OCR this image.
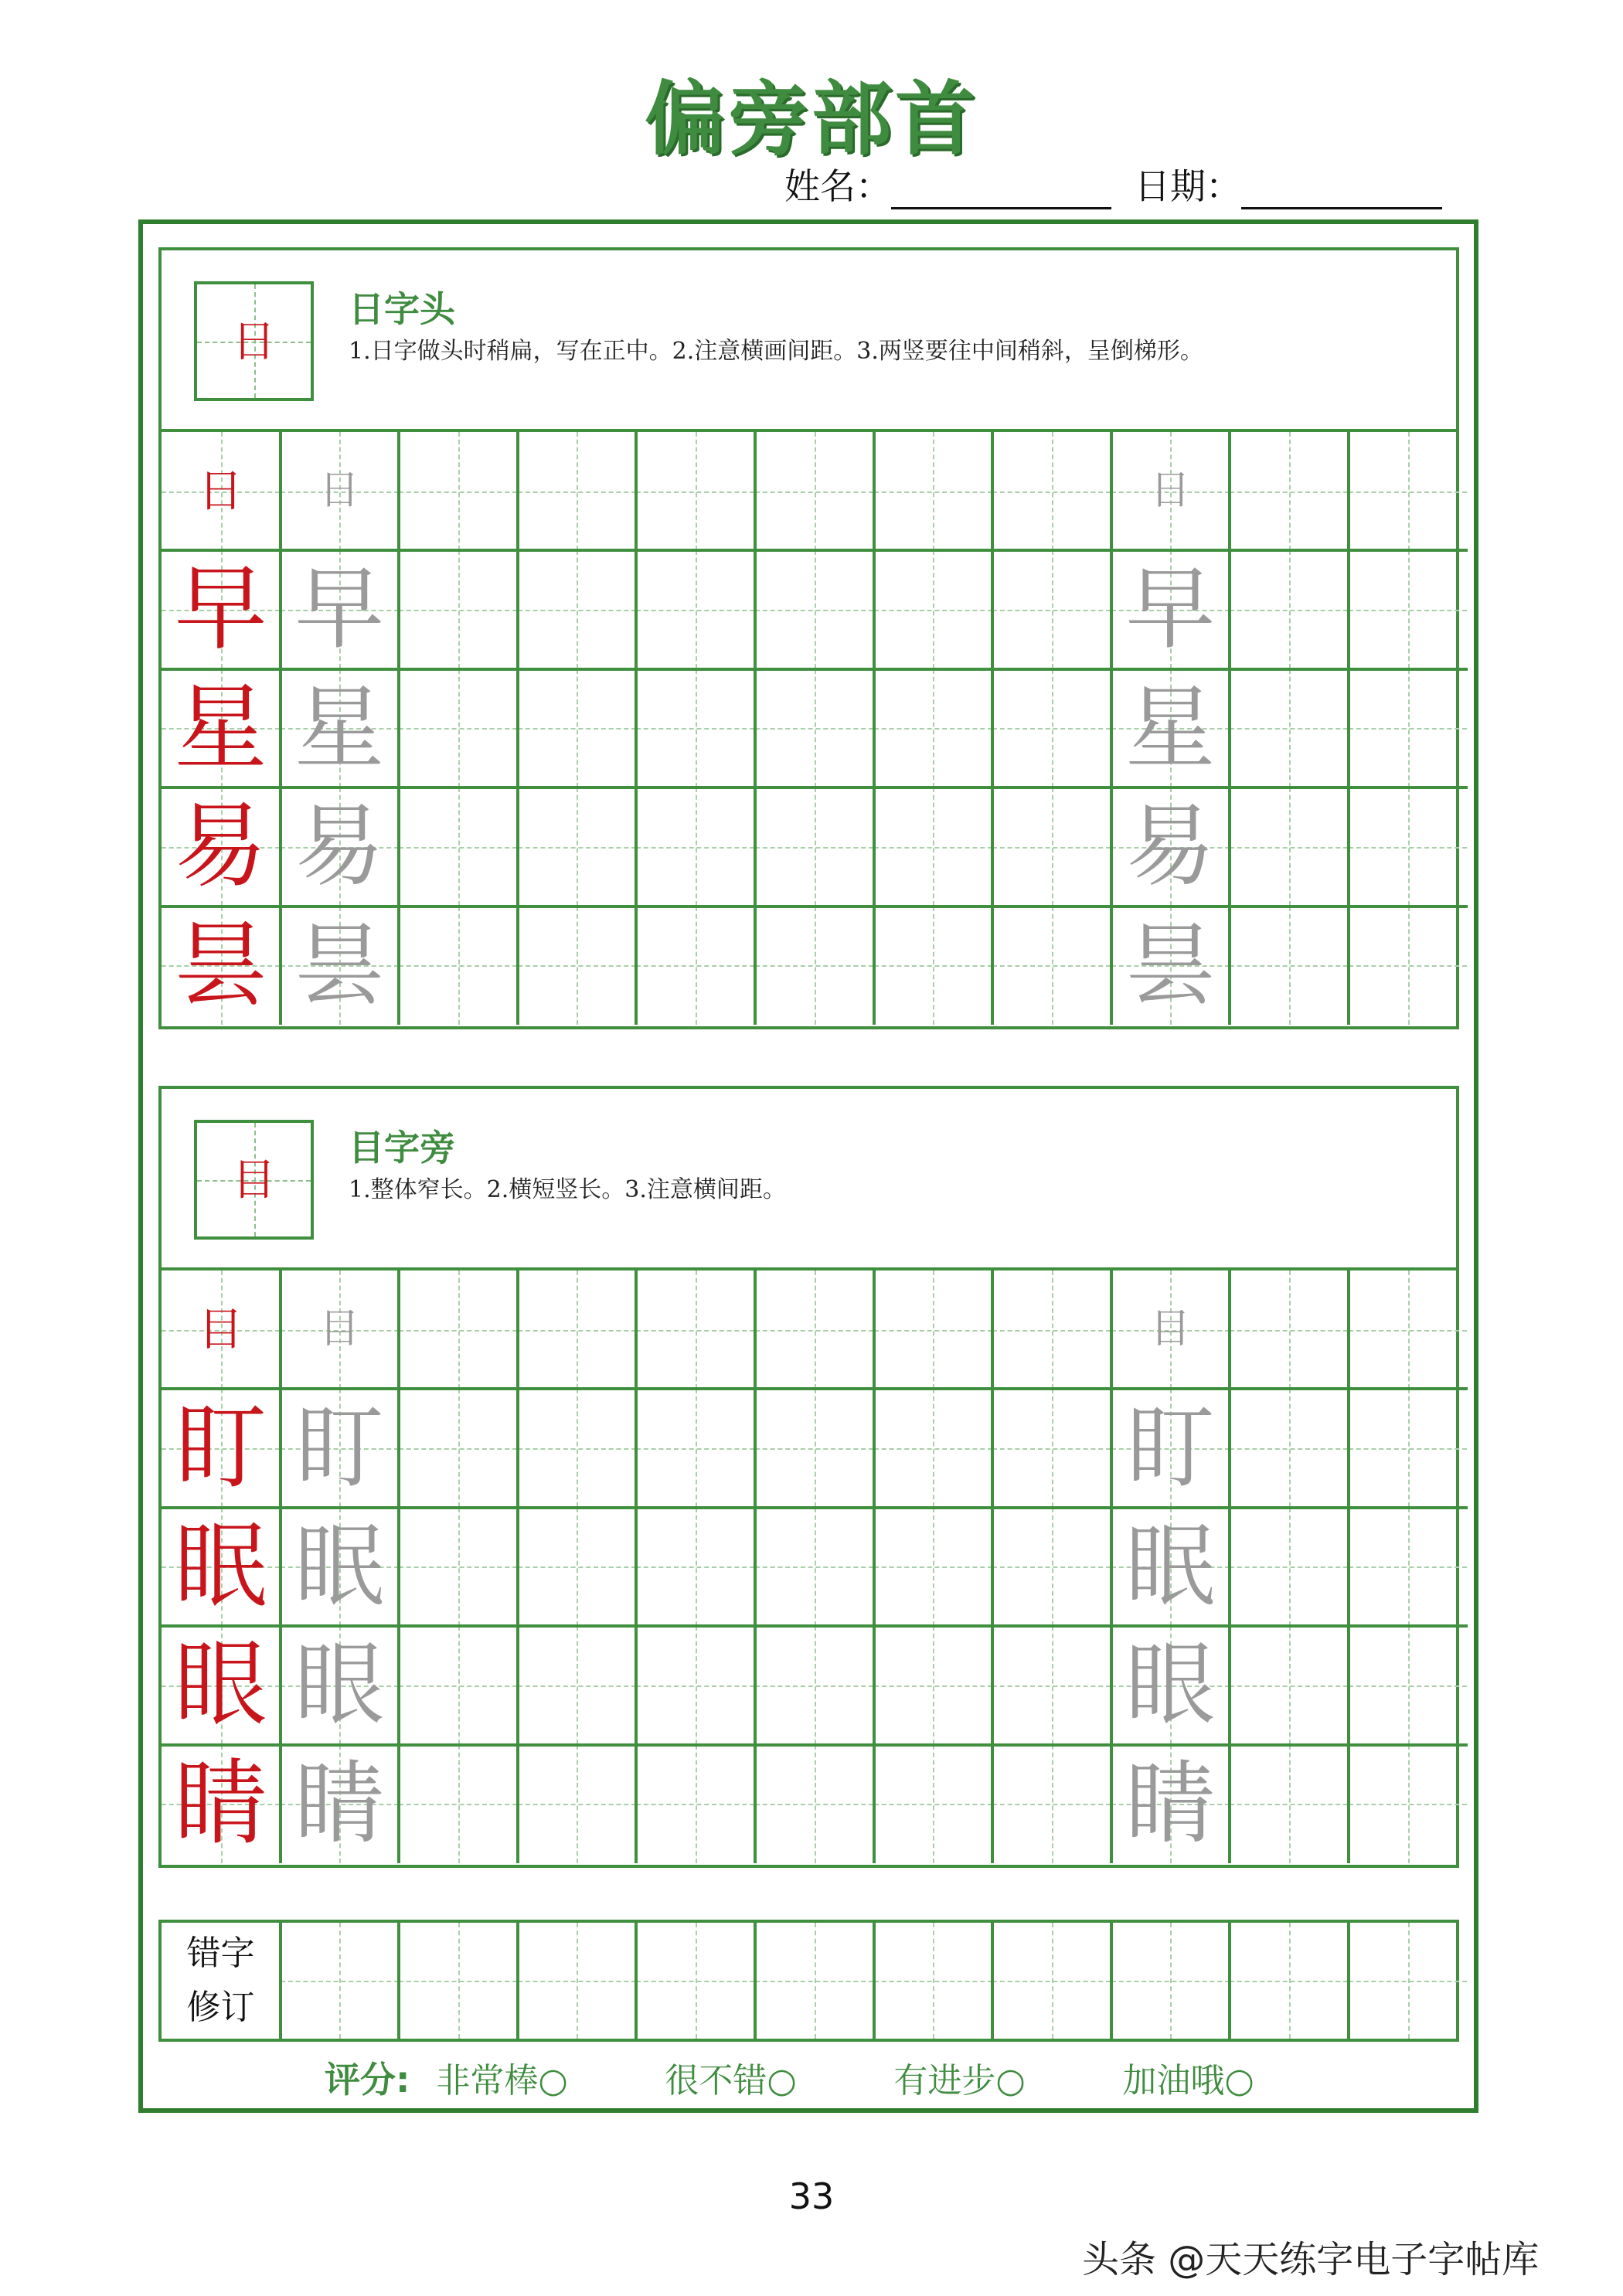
偏旁部首
姓名：	日期：
日
日字头
1.日字做头时稍扁，写在正中。2.注意横画间距。3.两竖要往中间稍斜，呈倒梯形。
日	日	日
早 早	早
星 星	星
易 易	易
昙 昙	昙
目
目字旁
1.整体窄长。2.横短竖长。3.注意横间距。
目	目	目
盯 盯	盯
眠 眠	眠
眼 眼	眼
睛 睛	睛
错字
修订
评分: 非常棒○	很不错○	有进步○	加油哦○
33
头条 @天天练字电子字帖库
